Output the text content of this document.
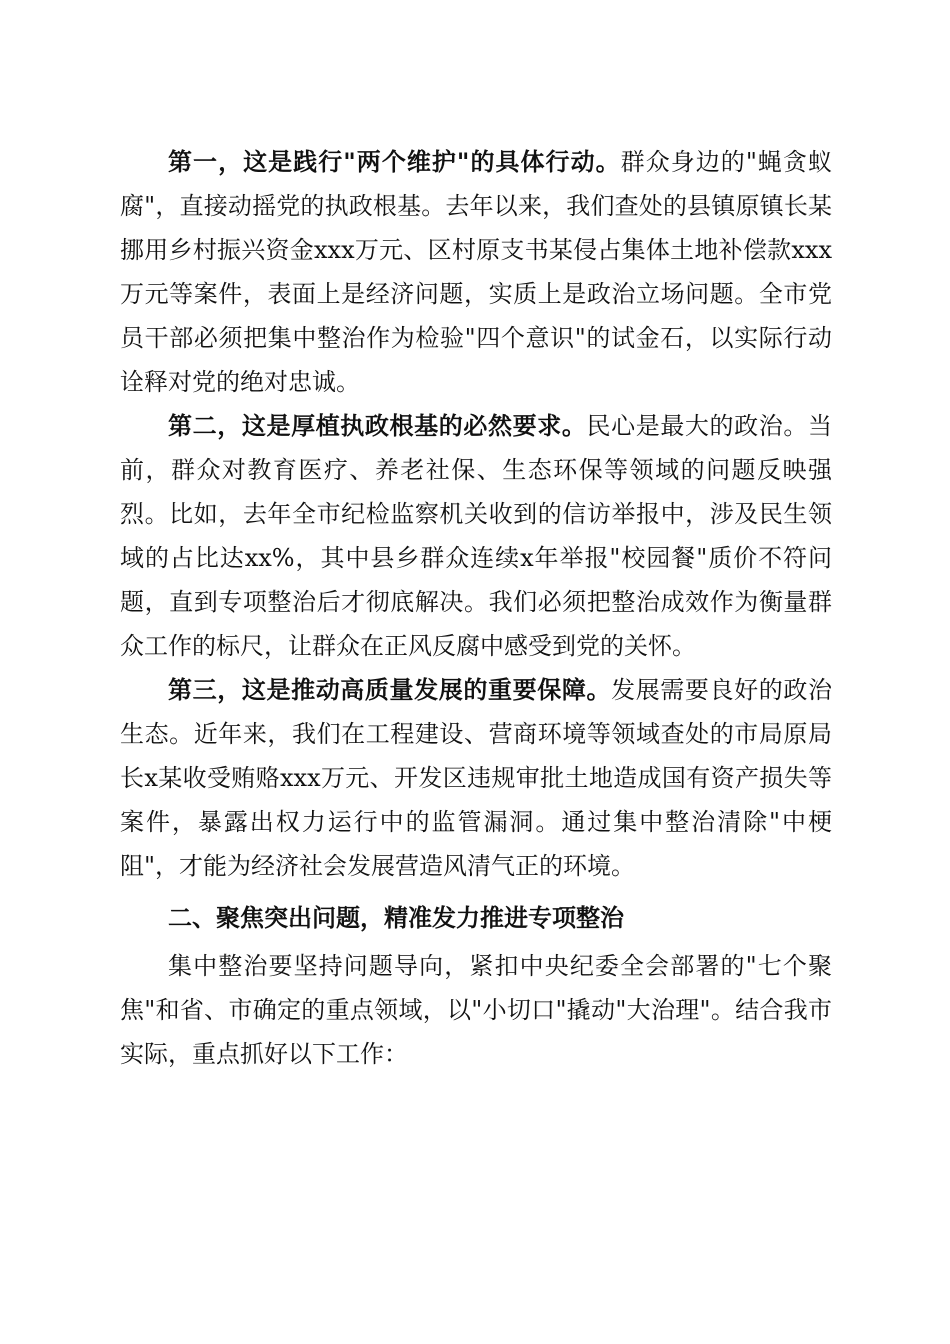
第一，这是践行"两个维护"的具体行动。群众身边的"蝇贪蚁腐"，直接动摇党的执政根基。去年以来，我们查处的县镇原镇长某挪用乡村振兴资金xxx万元、区村原支书某侵占集体土地补偿款xxx万元等案件，表面上是经济问题，实质上是政治立场问题。全市党员干部必须把集中整治作为检验"四个意识"的试金石，以实际行动诠释对党的绝对忠诚。

第二，这是厚植执政根基的必然要求。民心是最大的政治。当前，群众对教育医疗、养老社保、生态环保等领域的问题反映强烈。比如，去年全市纪检监察机关收到的信访举报中，涉及民生领域的占比达xx%，其中县乡群众连续x年举报"校园餐"质价不符问题，直到专项整治后才彻底解决。我们必须把整治成效作为衡量群众工作的标尺，让群众在正风反腐中感受到党的关怀。

第三，这是推动高质量发展的重要保障。发展需要良好的政治生态。近年来，我们在工程建设、营商环境等领域查处的市局原局长x某收受贿赂xxx万元、开发区违规审批土地造成国有资产损失等案件，暴露出权力运行中的监管漏洞。通过集中整治清除"中梗阻"，才能为经济社会发展营造风清气正的环境。

二、聚焦突出问题，精准发力推进专项整治

集中整治要坚持问题导向，紧扣中央纪委全会部署的"七个聚焦"和省、市确定的重点领域，以"小切口"撬动"大治理"。结合我市实际，重点抓好以下工作：
